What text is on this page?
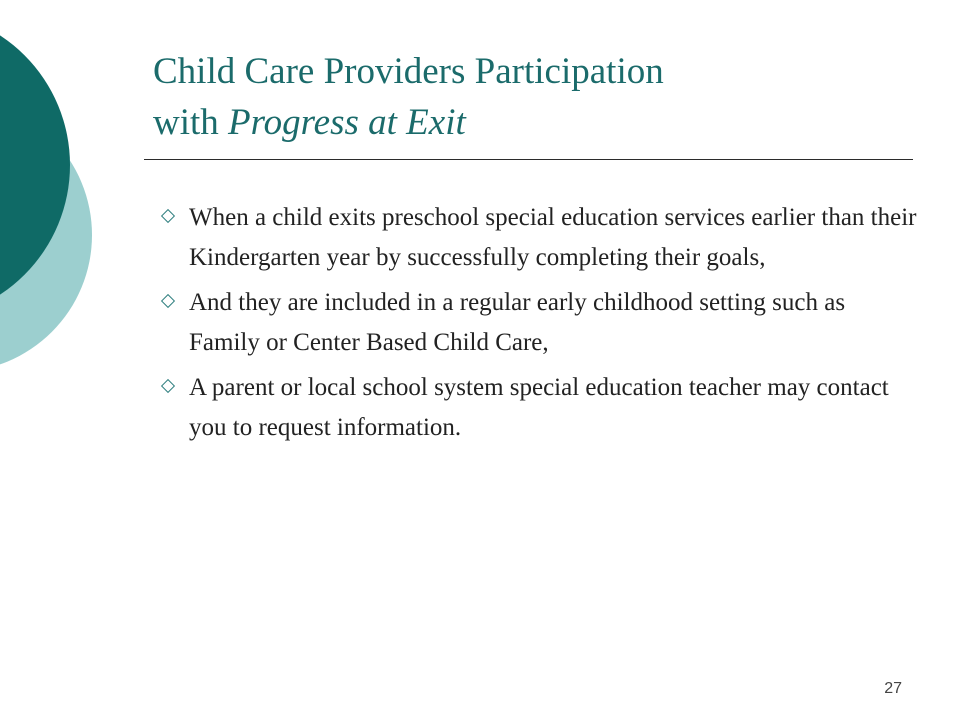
Child Care Providers Participation
with Progress at Exit
When a child exits preschool special education services earlier than their Kindergarten year by successfully completing their goals,
And they are included in a regular early childhood setting such as Family or Center Based Child Care,
A parent or local school system special education teacher may contact you to request information.
27
